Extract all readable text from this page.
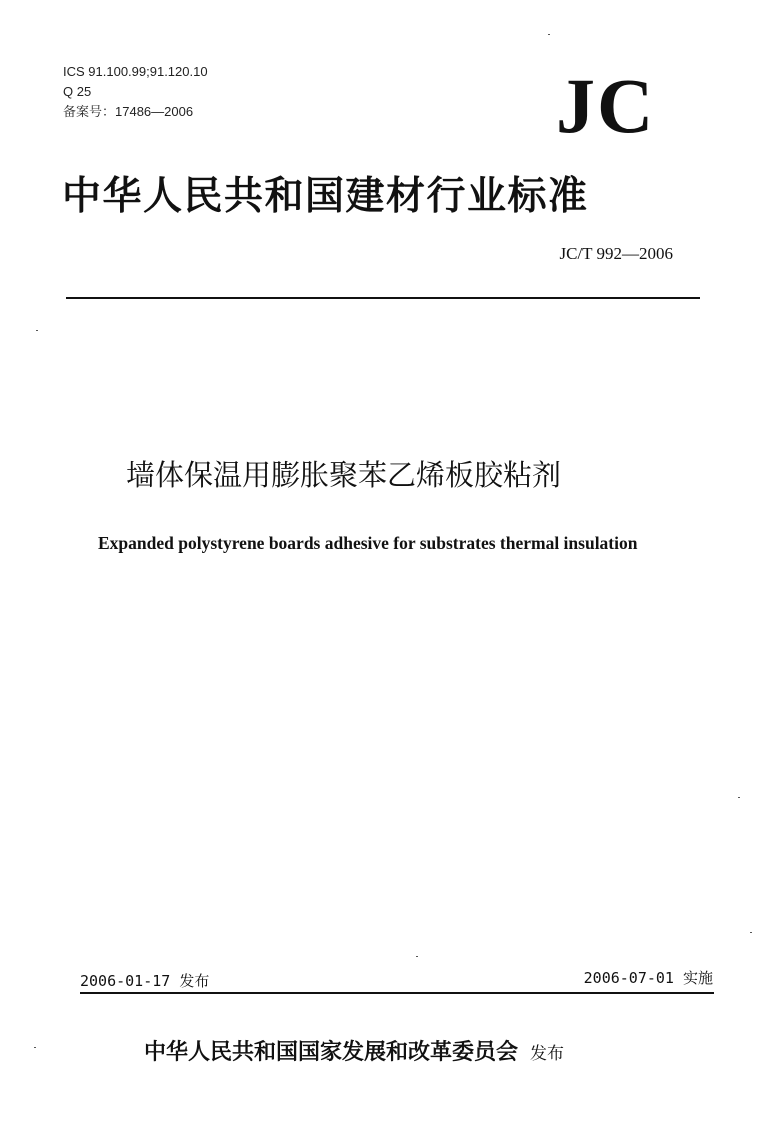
ICS 91.100.99;91.120.10
Q 25
备案号：17486—2006	JC
中华人民共和国建材行业标准
JC/T 992—2006
墙体保温用膨胀聚苯乙烯板胶粘剂
Expanded polystyrene boards adhesive for substrates thermal insulation
2006-01-17 发布	2006-07-01 实施
中华人民共和国国家发展和改革委员会 发布
